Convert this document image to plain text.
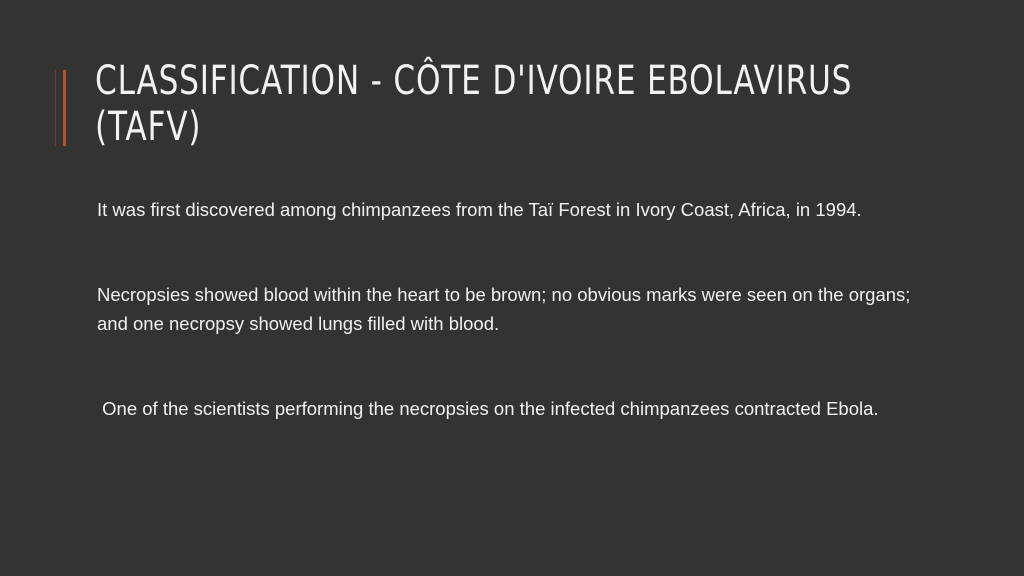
CLASSIFICATION - CÔTE D'IVOIRE EBOLAVIRUS (TAFV)

It was first discovered among chimpanzees from the Taï Forest in Ivory Coast, Africa, in 1994.

Necropsies showed blood within the heart to be brown; no obvious marks were seen on the organs; and one necropsy showed lungs filled with blood.

One of the scientists performing the necropsies on the infected chimpanzees contracted Ebola.
